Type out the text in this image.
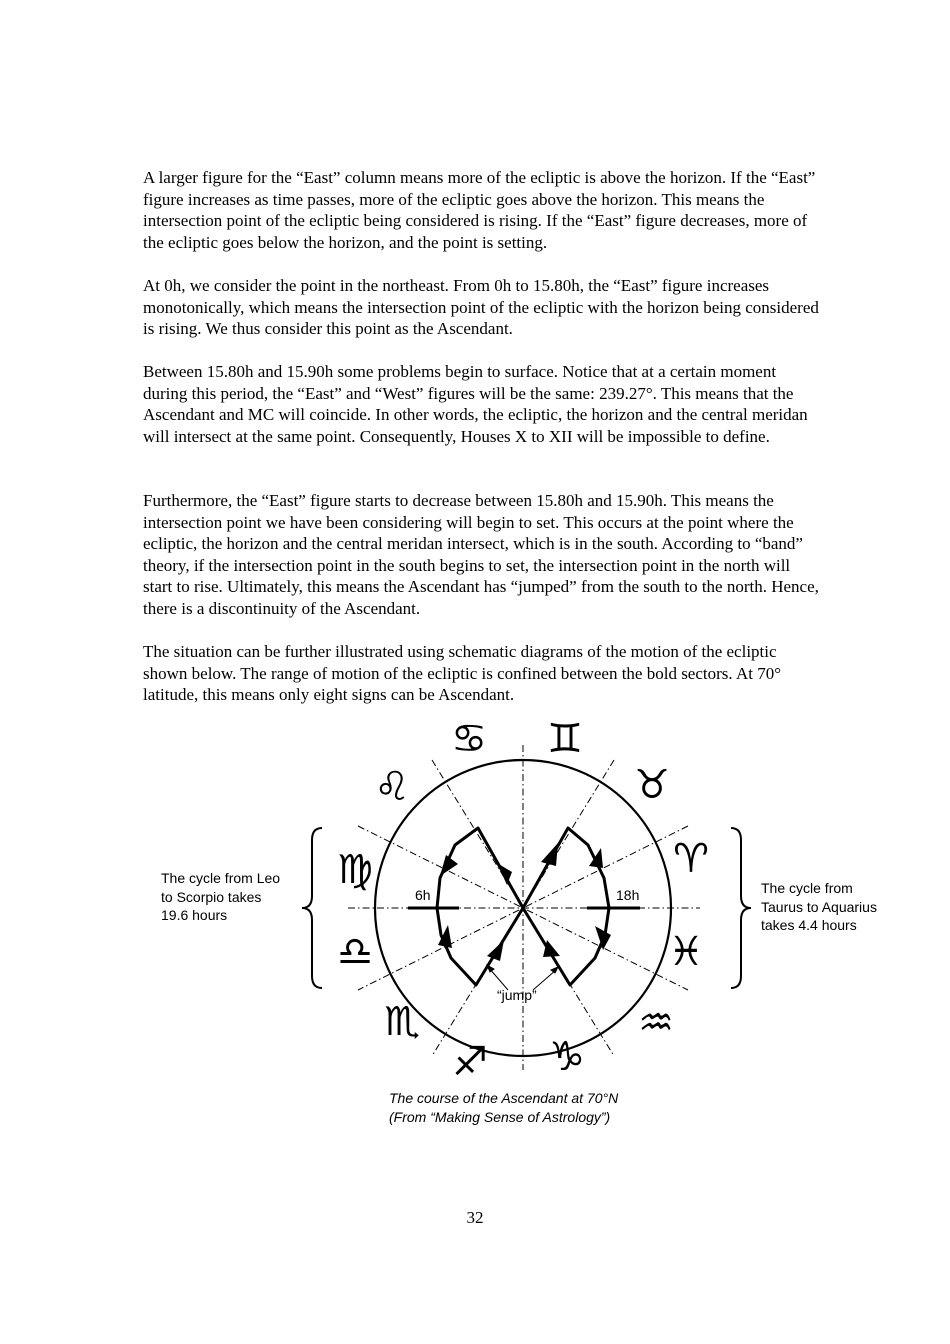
A larger figure for the “East” column means more of the ecliptic is above the horizon. If the “East” figure increases as time passes, more of the ecliptic goes above the horizon. This means the intersection point of the ecliptic being considered is rising. If the “East” figure decreases, more of the ecliptic goes below the horizon, and the point is setting.

At 0h, we consider the point in the northeast. From 0h to 15.80h, the “East” figure increases monotonically, which means the intersection point of the ecliptic with the horizon being considered is rising. We thus consider this point as the Ascendant.

Between 15.80h and 15.90h some problems begin to surface. Notice that at a certain moment during this period, the “East” and “West” figures will be the same: 239.27°. This means that the Ascendant and MC will coincide. In other words, the ecliptic, the horizon and the central meridan will intersect at the same point. Consequently, Houses X to XII will be impossible to define.

Furthermore, the “East” figure starts to decrease between 15.80h and 15.90h. This means the intersection point we have been considering will begin to set. This occurs at the point where the ecliptic, the horizon and the central meridan intersect, which is in the south. According to “band” theory, if the intersection point in the south begins to set, the intersection point in the north will start to rise. Ultimately, this means the Ascendant has “jumped” from the south to the north. Hence, there is a discontinuity of the Ascendant.

The situation can be further illustrated using schematic diagrams of the motion of the ecliptic shown below. The range of motion of the ecliptic is confined between the bold sectors. At 70° latitude, this means only eight signs can be Ascendant.

6h	18h
“jump”
♋ ♊
♌	♉
♍	♈
♎	♓
♏	♒
♐ ♑
The cycle from Leo
to Scorpio takes
19.6 hours
The cycle from
Taurus to Aquarius
takes 4.4 hours
The course of the Ascendant at 70°N
(From “Making Sense of Astrology”)
32
